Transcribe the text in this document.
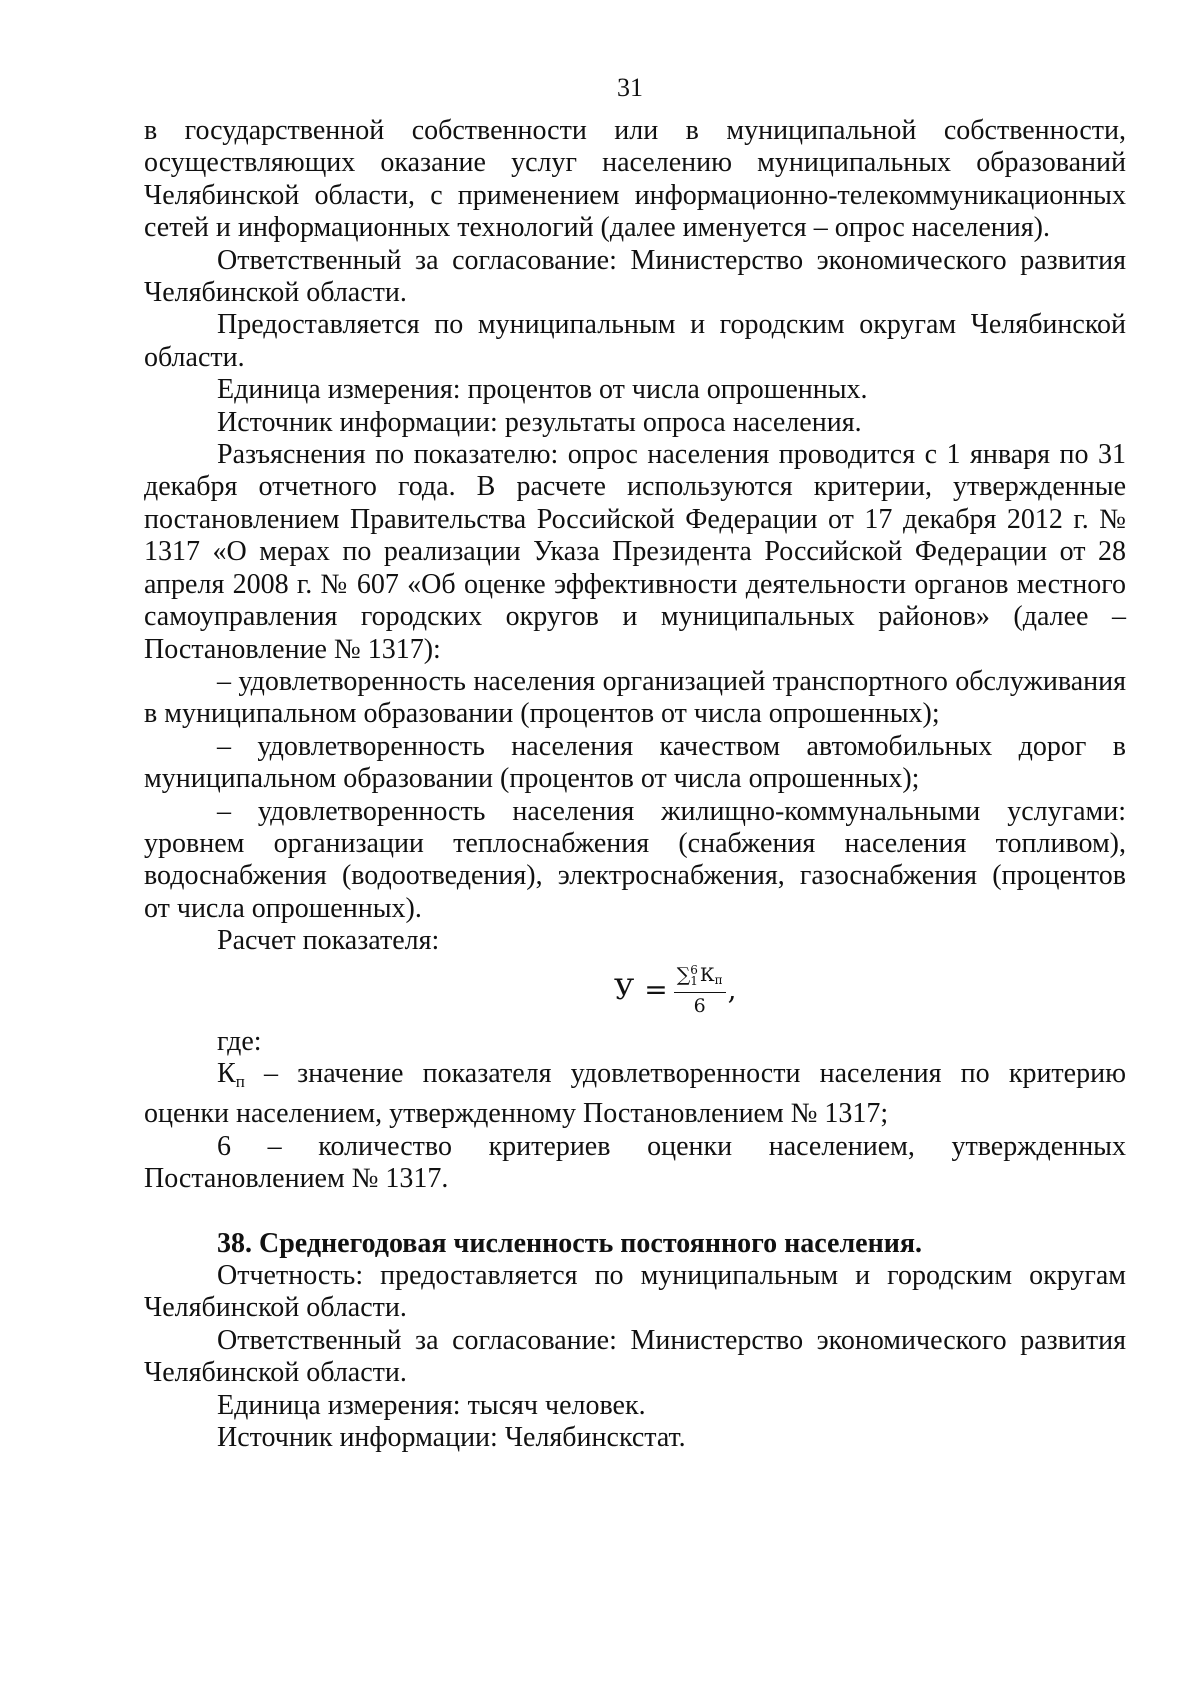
31

в государственной собственности или в муниципальной собственности, осуществляющих оказание услуг населению муниципальных образований Челябинской области, с применением информационно-телекоммуникационных сетей и информационных технологий (далее именуется – опрос населения).

Ответственный за согласование: Министерство экономического развития Челябинской области.

Предоставляется по муниципальным и городским округам Челябинской области.

Единица измерения: процентов от числа опрошенных.

Источник информации: результаты опроса населения.

Разъяснения по показателю: опрос населения проводится с 1 января по 31 декабря отчетного года. В расчете используются критерии, утвержденные постановлением Правительства Российской Федерации от 17 декабря 2012 г. № 1317 «О мерах по реализации Указа Президента Российской Федерации от 28 апреля 2008 г. № 607 «Об оценке эффективности деятельности органов местного самоуправления городских округов и муниципальных районов» (далее – Постановление № 1317):

– удовлетворенность населения организацией транспортного обслуживания в муниципальном образовании (процентов от числа опрошенных);

– удовлетворенность населения качеством автомобильных дорог в муниципальном образовании (процентов от числа опрошенных);

– удовлетворенность населения жилищно-коммунальными услугами: уровнем организации теплоснабжения (снабжения населения топливом), водоснабжения (водоотведения), электроснабжения, газоснабжения (процентов от числа опрошенных).

Расчет показателя:

У = ∑ 6
1 Кп
6 ,

где:

Кп – значение показателя удовлетворенности населения по критерию оценки населением, утвержденному Постановлением № 1317;

6 – количество критериев оценки населением, утвержденных Постановлением № 1317.

38. Среднегодовая численность постоянного населения.

Отчетность: предоставляется по муниципальным и городским округам Челябинской области.

Ответственный за согласование: Министерство экономического развития Челябинской области.

Единица измерения: тысяч человек.

Источник информации: Челябинскстат.
